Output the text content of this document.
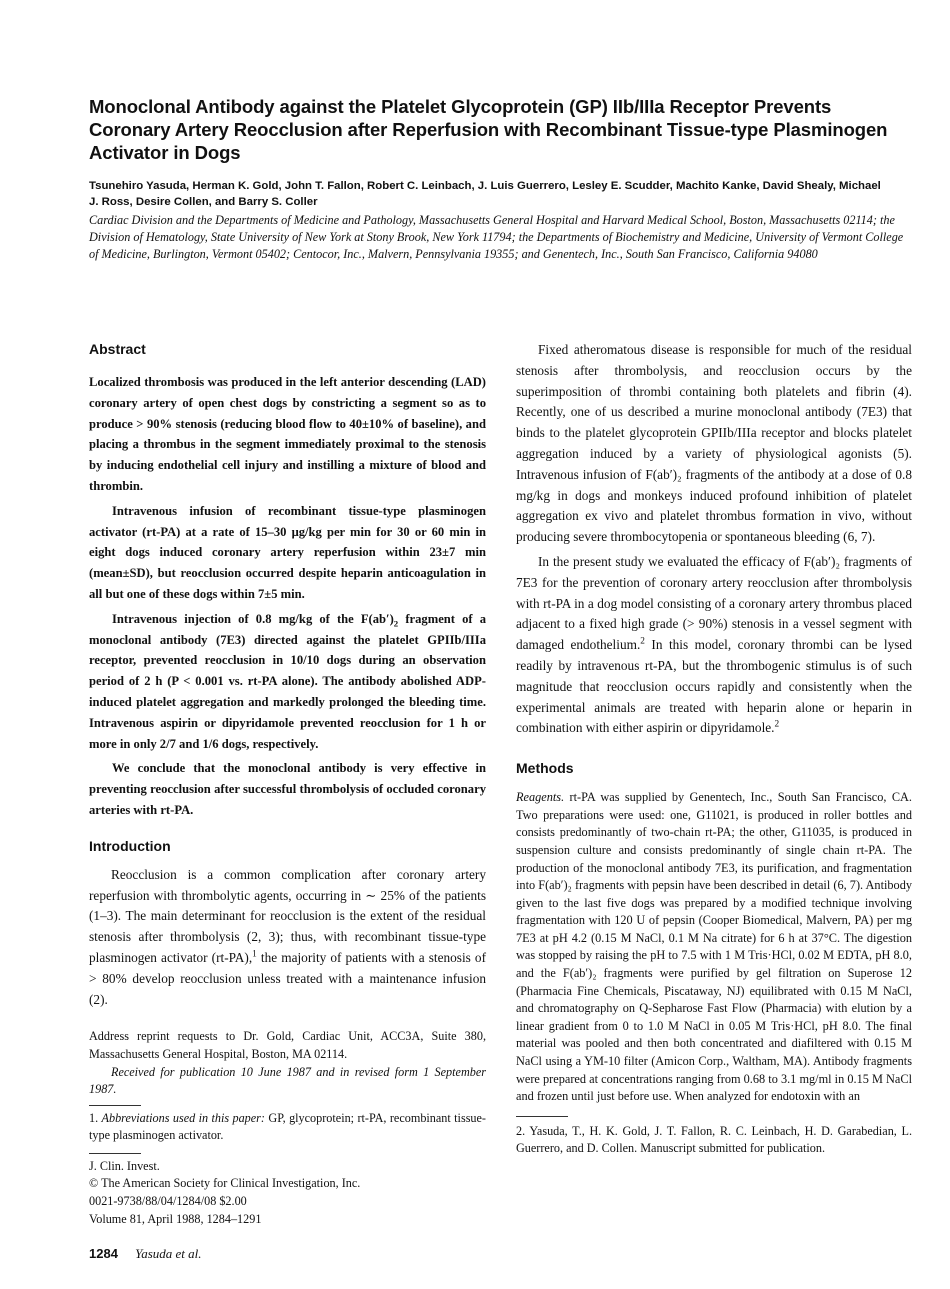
Monoclonal Antibody against the Platelet Glycoprotein (GP) IIb/IIIa Receptor Prevents Coronary Artery Reocclusion after Reperfusion with Recombinant Tissue-type Plasminogen Activator in Dogs
Tsunehiro Yasuda, Herman K. Gold, John T. Fallon, Robert C. Leinbach, J. Luis Guerrero, Lesley E. Scudder, Machito Kanke, David Shealy, Michael J. Ross, Desire Collen, and Barry S. Coller
Cardiac Division and the Departments of Medicine and Pathology, Massachusetts General Hospital and Harvard Medical School, Boston, Massachusetts 02114; the Division of Hematology, State University of New York at Stony Brook, New York 11794; the Departments of Biochemistry and Medicine, University of Vermont College of Medicine, Burlington, Vermont 05402; Centocor, Inc., Malvern, Pennsylvania 19355; and Genentech, Inc., South San Francisco, California 94080
Abstract

Localized thrombosis was produced in the left anterior descending (LAD) coronary artery of open chest dogs by constricting a segment so as to produce > 90% stenosis (reducing blood flow to 40±10% of baseline), and placing a thrombus in the segment immediately proximal to the stenosis by inducing endothelial cell injury and instilling a mixture of blood and thrombin.

Intravenous infusion of recombinant tissue-type plasminogen activator (rt-PA) at a rate of 15–30 μg/kg per min for 30 or 60 min in eight dogs induced coronary artery reperfusion within 23±7 min (mean±SD), but reocclusion occurred despite heparin anticoagulation in all but one of these dogs within 7±5 min.

Intravenous injection of 0.8 mg/kg of the $F(ab')_2$ fragment of a monoclonal antibody (7E3) directed against the platelet GPIIb/IIIa receptor, prevented reocclusion in 10/10 dogs during an observation period of 2 h (P < 0.001 vs. rt-PA alone). The antibody abolished ADP-induced platelet aggregation and markedly prolonged the bleeding time. Intravenous aspirin or dipyridamole prevented reocclusion for 1 h or more in only 2/7 and 1/6 dogs, respectively.

We conclude that the monoclonal antibody is very effective in preventing reocclusion after successful thrombolysis of occluded coronary arteries with rt-PA.

Introduction

Reocclusion is a common complication after coronary artery reperfusion with thrombolytic agents, occurring in ∼ 25% of the patients (1–3). The main determinant for reocclusion is the extent of the residual stenosis after thrombolysis (2, 3); thus, with recombinant tissue-type plasminogen activator (rt-PA),$^1$ the majority of patients with a stenosis of > 80% develop reocclusion unless treated with a maintenance infusion (2).

Address reprint requests to Dr. Gold, Cardiac Unit, ACC3A, Suite 380, Massachusetts General Hospital, Boston, MA 02114.

Received for publication 10 June 1987 and in revised form 1 September 1987.

1. Abbreviations used in this paper: GP, glycoprotein; rt-PA, recombinant tissue-type plasminogen activator.

J. Clin. Invest.

© The American Society for Clinical Investigation, Inc.

0021-9738/88/04/1284/08 $2.00

Volume 81, April 1988, 1284–1291

Fixed atheromatous disease is responsible for much of the residual stenosis after thrombolysis, and reocclusion occurs by the superimposition of thrombi containing both platelets and fibrin (4). Recently, one of us described a murine monoclonal antibody (7E3) that binds to the platelet glycoprotein GPIIb/IIIa receptor and blocks platelet aggregation induced by a variety of physiological agonists (5). Intravenous infusion of F(ab′)₂ fragments of the antibody at a dose of 0.8 mg/kg in dogs and monkeys induced profound inhibition of platelet aggregation ex vivo and platelet thrombus formation in vivo, without producing severe thrombocytopenia or spontaneous bleeding (6, 7).

In the present study we evaluated the efficacy of F(ab′)₂ fragments of 7E3 for the prevention of coronary artery reocclusion after thrombolysis with rt-PA in a dog model consisting of a coronary artery thrombus placed adjacent to a fixed high grade (> 90%) stenosis in a vessel segment with damaged endothelium.$^2$ In this model, coronary thrombi can be lysed readily by intravenous rt-PA, but the thrombogenic stimulus is of such magnitude that reocclusion occurs rapidly and consistently when the experimental animals are treated with heparin alone or heparin in combination with either aspirin or dipyridamole.$^2$

Methods

Reagents. rt-PA was supplied by Genentech, Inc., South San Francisco, CA. Two preparations were used: one, G11021, is produced in roller bottles and consists predominantly of two-chain rt-PA; the other, G11035, is produced in suspension culture and consists predominantly of single chain rt-PA. The production of the monoclonal antibody 7E3, its purification, and fragmentation into F(ab′)₂ fragments with pepsin have been described in detail (6, 7). Antibody given to the last five dogs was prepared by a modified technique involving fragmentation with 120 U of pepsin (Cooper Biomedical, Malvern, PA) per mg 7E3 at pH 4.2 (0.15 M NaCl, 0.1 M Na citrate) for 6 h at 37°C. The digestion was stopped by raising the pH to 7.5 with 1 M Tris·HCl, 0.02 M EDTA, pH 8.0, and the F(ab′)₂ fragments were purified by gel filtration on Superose 12 (Pharmacia Fine Chemicals, Piscataway, NJ) equilibrated with 0.15 M NaCl, and chromatography on Q-Sepharose Fast Flow (Pharmacia) with elution by a linear gradient from 0 to 1.0 M NaCl in 0.05 M Tris·HCl, pH 8.0. The final material was pooled and then both concentrated and diafiltered with 0.15 M NaCl using a YM-10 filter (Amicon Corp., Waltham, MA). Antibody fragments were prepared at concentrations ranging from 0.68 to 3.1 mg/ml in 0.15 M NaCl and frozen until just before use. When analyzed for endotoxin with an

2. Yasuda, T., H. K. Gold, J. T. Fallon, R. C. Leinbach, H. D. Garabedian, L. Guerrero, and D. Collen. Manuscript submitted for publication.

1284 Yasuda et al.
